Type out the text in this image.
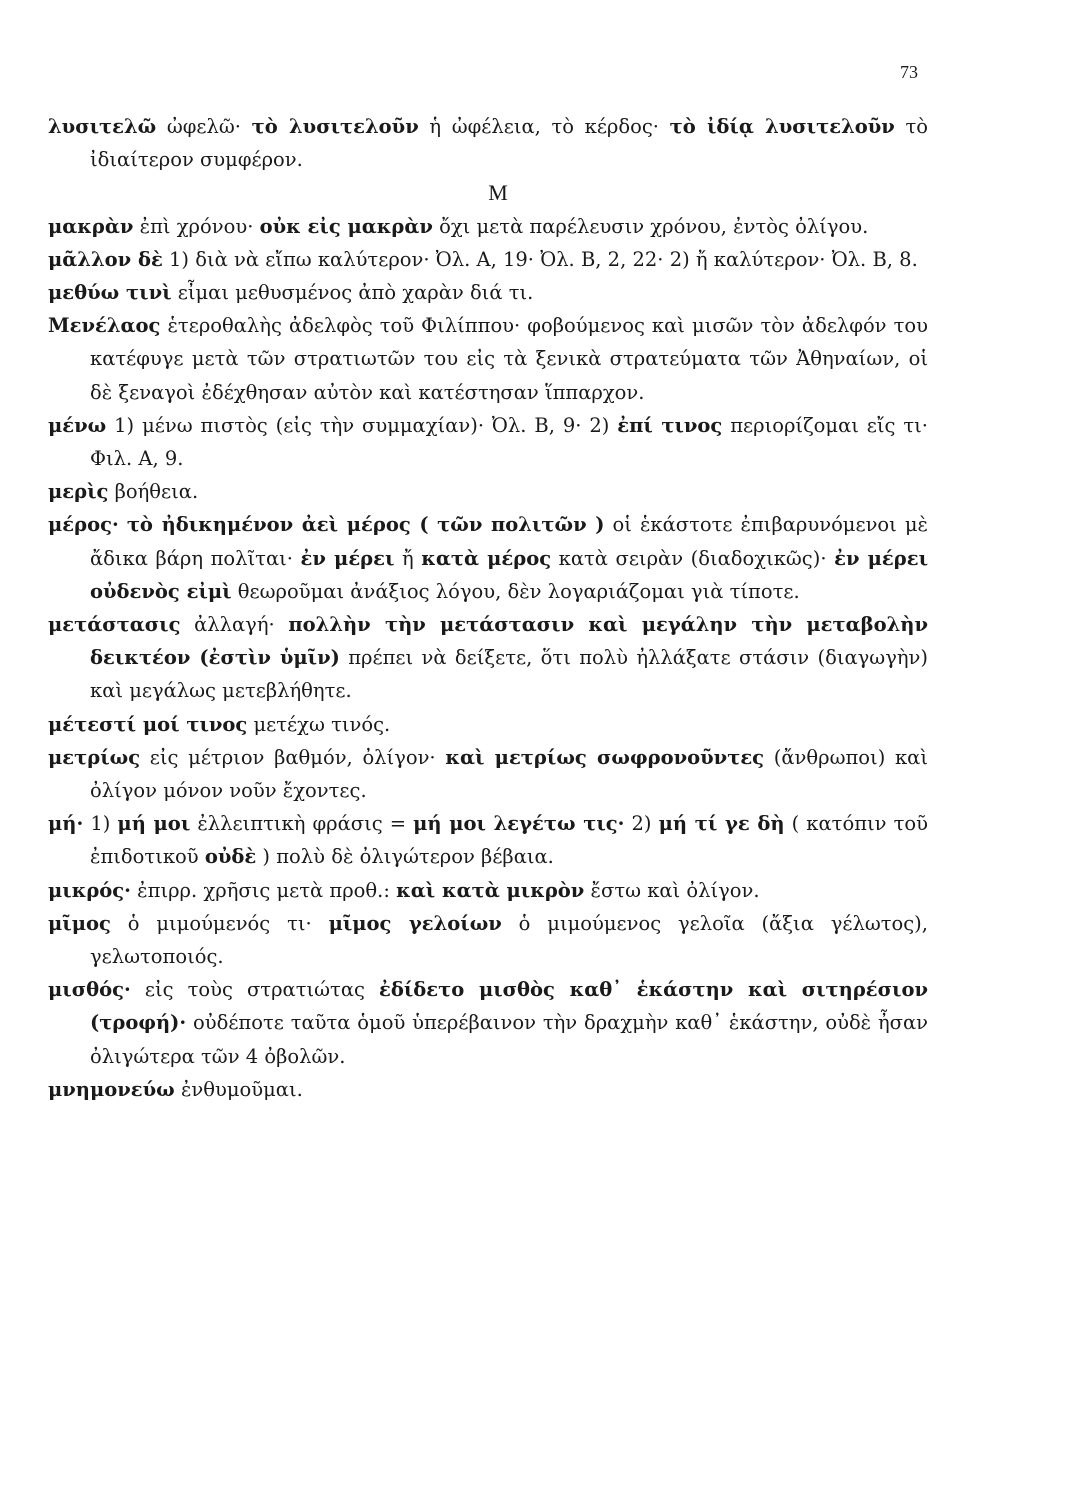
73

λυσιτελῶ ὠφελῶ· τὸ λυσιτελοῦν ἡ ὠφέλεια, τὸ κέρδος· τὸ ἰδίᾳ λυσιτελοῦν τὸ ἰδιαίτερον συμφέρον.

Μ

μακρὰν ἐπὶ χρόνου· οὐκ εἰς μακρὰν ὄχι μετὰ παρέλευσιν χρόνου, ἐντὸς ὀλίγου.

μᾶλλον δὲ 1) διὰ νὰ εἴπω καλύτερον· Ὀλ. Α, 19· Ὀλ. Β, 2, 22· 2) ἤ καλύτερον· Ὀλ. Β, 8.

μεθύω τινὶ εἶμαι μεθυσμένος ἀπὸ χαρὰν διά τι.

Μενέλαος ἑτεροθαλὴς ἀδελφὸς τοῦ Φιλίππου· φοβούμενος καὶ μισῶν τὸν ἀδελφόν του κατέφυγε μετὰ τῶν στρατιωτῶν του εἰς τὰ ξενικὰ στρατεύματα τῶν Ἀθηναίων, οἱ δὲ ξεναγοὶ ἐδέχθησαν αὐτὸν καὶ κατέστησαν ἵππαρχον.

μένω 1) μένω πιστὸς (εἰς τὴν συμμαχίαν)· Ὀλ. Β, 9· 2) ἐπί τινος περιορίζομαι εἴς τι· Φιλ. Α, 9.

μερὶς βοήθεια.

μέρος· τὸ ἠδικημένον ἀεὶ μέρος ( τῶν πολιτῶν ) οἱ ἑκάστοτε ἐπιβαρυνόμενοι μὲ ἄδικα βάρη πολῖται· ἐν μέρει ἤ κατὰ μέρος κατὰ σειρὰν (διαδοχικῶς)· ἐν μέρει οὐδενὸς εἰμὶ θεωροῦμαι ἀνάξιος λόγου, δὲν λογαριάζομαι γιὰ τίποτε.

μετάστασις ἀλλαγή· πολλὴν τὴν μετάστασιν καὶ μεγάλην τὴν μεταβολὴν δεικτέον (ἐστὶν ὑμῖν) πρέπει νὰ δείξετε, ὅτι πολὺ ἠλλάξατε στάσιν (διαγωγὴν) καὶ μεγάλως μετεβλήθητε.

μέτεστί μοί τινος μετέχω τινός.

μετρίως εἰς μέτριον βαθμόν, ὀλίγον· καὶ μετρίως σωφρονοῦντες (ἄνθρωποι) καὶ ὀλίγον μόνον νοῦν ἔχοντες.

μή· 1) μή μοι ἐλλειπτικὴ φράσις = μή μοι λεγέτω τις· 2) μή τί γε δὴ ( κατόπιν τοῦ ἐπιδοτικοῦ οὐδὲ ) πολὺ δὲ ὀλιγώτερον βέβαια.

μικρός· ἐπιρρ. χρῆσις μετὰ προθ.: καὶ κατὰ μικρὸν ἔστω καὶ ὀλίγον.

μῖμος ὁ μιμούμενός τι· μῖμος γελοίων ὁ μιμούμενος γελοῖα (ἄξια γέλωτος), γελωτοποιός.

μισθός· εἰς τοὺς στρατιώτας ἐδίδετο μισθὸς καθ᾽ ἑκάστην καὶ σιτηρέσιον (τροφή)· οὐδέποτε ταῦτα ὁμοῦ ὑπερέβαινον τὴν δραχμὴν καθ᾽ ἑκάστην, οὐδὲ ἦσαν ὀλιγώτερα τῶν 4 ὀβολῶν.

μνημονεύω ἐνθυμοῦμαι.
